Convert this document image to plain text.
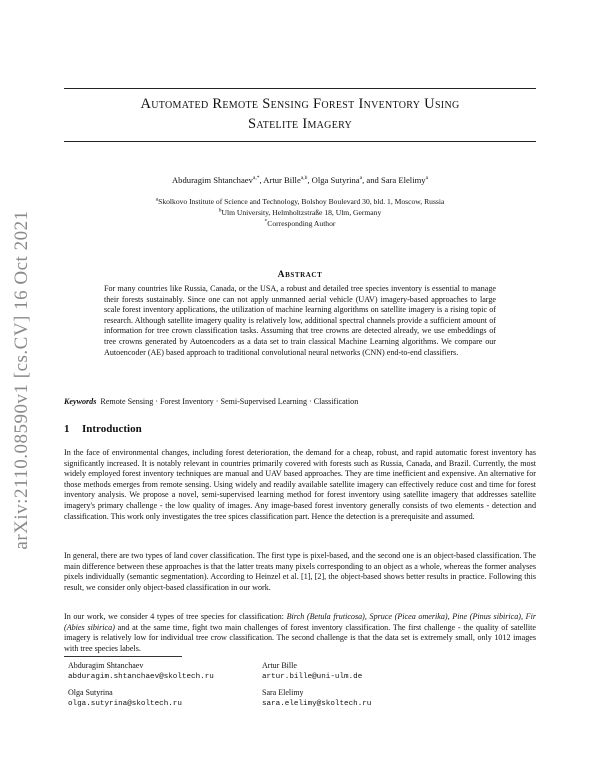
arXiv:2110.08590v1 [cs.CV] 16 Oct 2021
Automated Remote Sensing Forest Inventory Using
Satelite Imagery
Abduragim Shtanchaev$^{a,*}$, Artur Bille$^{a,b}$, Olga Sutyrina$^a$, and Sara Elelimy$^a$
$^a$Skolkovo Institute of Science and Technology, Bolshoy Boulevard 30, bld. 1, Moscow, Russia
$^b$Ulm University, Helmholtzstraße 18, Ulm, Germany
*Corresponding Author
Abstract
For many countries like Russia, Canada, or the USA, a robust and detailed tree species inventory is essential to manage their forests sustainably. Since one can not apply unmanned aerial vehicle (UAV) imagery-based approaches to large scale forest inventory applications, the utilization of machine learning algorithms on satellite imagery is a rising topic of research. Although satellite imagery quality is relatively low, additional spectral channels provide a sufficient amount of information for tree crown classification tasks. Assuming that tree crowns are detected already, we use embeddings of tree crowns generated by Autoencoders as a data set to train classical Machine Learning algorithms. We compare our Autoencoder (AE) based approach to traditional convolutional neural networks (CNN) end-to-end classifiers.
Keywords Remote Sensing · Forest Inventory · Semi-Supervised Learning · Classification
1 Introduction
In the face of environmental changes, including forest deterioration, the demand for a cheap, robust, and rapid automatic forest inventory has significantly increased. It is notably relevant in countries primarily covered with forests such as Russia, Canada, and Brazil. Currently, the most widely employed forest inventory techniques are manual and UAV based approaches. They are time inefficient and expensive. An alternative for those methods emerges from remote sensing. Using widely and readily available satellite imagery can effectively reduce cost and time for forest inventory analysis. We propose a novel, semi-supervised learning method for forest inventory using satellite imagery that addresses satellite imagery's primary challenge - the low quality of images. Any image-based forest inventory generally consists of two elements - detection and classification. This work only investigates the tree spices classification part. Hence the detection is a prerequisite and assumed.
In general, there are two types of land cover classification. The first type is pixel-based, and the second one is an object-based classification. The main difference between these approaches is that the latter treats many pixels corresponding to an object as a whole, whereas the former analyses pixels individually (semantic segmentation). According to Heinzel et al. [1], [2], the object-based shows better results in practice. Following this result, we consider only object-based classification in our work.
In our work, we consider 4 types of tree species for classification: Birch (Betula fruticosa), Spruce (Picea omerika), Pine (Pinus sibirica), Fir (Abies sibirica) and at the same time, fight two main challenges of forest inventory classification. The first challenge - the quality of satellite imagery is relatively low for individual tree crow classification. The second challenge is that the data set is extremely small, only 1012 images with tree species labels.
Abduragim Shtanchaev
abduragim.shtanchaev@skoltech.ru
Artur Bille
artur.bille@uni-ulm.de
Olga Sutyrina
olga.sutyrina@skoltech.ru
Sara Elelimy
sara.elelimy@skoltech.ru
